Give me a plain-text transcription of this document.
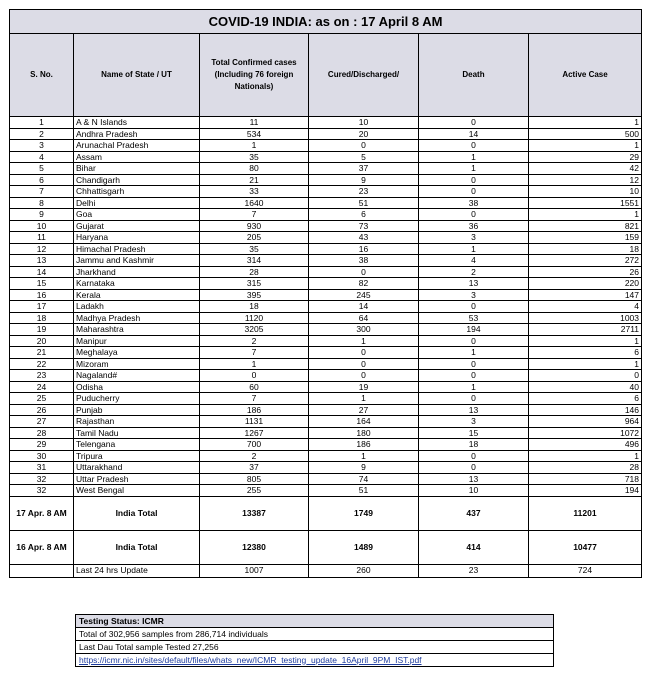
COVID-19 INDIA: as on : 17 April 8 AM					
S. No.	Name of State / UT	Total Confirmed cases (Including 76 foreign Nationals)	Cured/Discharged/	Death	Active Case
1	A & N Islands	11	10	0	1
2	Andhra Pradesh	534	20	14	500
3	Arunachal Pradesh	1	0	0	1
4	Assam	35	5	1	29
5	Bihar	80	37	1	42
6	Chandigarh	21	9	0	12
7	Chhattisgarh	33	23	0	10
8	Delhi	1640	51	38	1551
9	Goa	7	6	0	1
10	Gujarat	930	73	36	821
11	Haryana	205	43	3	159
12	Himachal Pradesh	35	16	1	18
13	Jammu and Kashmir	314	38	4	272
14	Jharkhand	28	0	2	26
15	Karnataka	315	82	13	220
16	Kerala	395	245	3	147
17	Ladakh	18	14	0	4
18	Madhya Pradesh	1120	64	53	1003
19	Maharashtra	3205	300	194	2711
20	Manipur	2	1	0	1
21	Meghalaya	7	0	1	6
22	Mizoram	1	0	0	1
23	Nagaland#	0	0	0	0
24	Odisha	60	19	1	40
25	Puducherry	7	1	0	6
26	Punjab	186	27	13	146
27	Rajasthan	1131	164	3	964
28	Tamil Nadu	1267	180	15	1072
29	Telengana	700	186	18	496
30	Tripura	2	1	0	1
31	Uttarakhand	37	9	0	28
32	Uttar Pradesh	805	74	13	718
32	West Bengal	255	51	10	194
17 Apr. 8 AM	India Total	13387	1749	437	11201
16 Apr. 8 AM	India Total	12380	1489	414	10477
	Last 24 hrs Update	1007	260	23	724
Testing Status: ICMR
Total of 302,956 samples from 286,714 individuals
Last Dau Total sample Tested 27,256
https://icmr.nic.in/sites/default/files/whats_new/ICMR_testing_update_16April_9PM_IST.pdf
